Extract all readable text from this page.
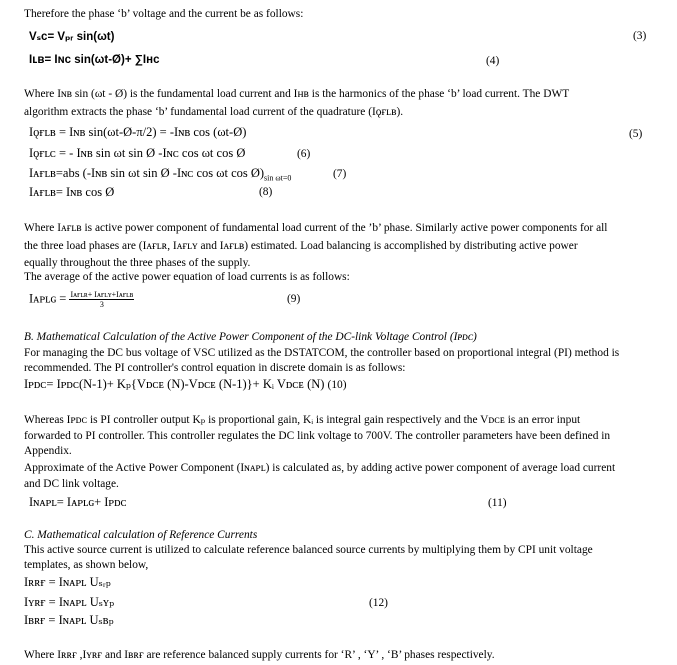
Therefore the phase ‘b’ voltage and the current be as follows:
Vₛᴄ= Vₚᵣ sin(ωt)	(3)
Iʟʙ= Iɴᴄ sin(ωt-Ø)+ ∑Iʜᴄ	(4)
Where Iɴʙ sin (ωt - Ø) is the fundamental load current and Iʜʙ is the harmonics of the phase ‘b’ load current. The DWT
algorithm extracts the phase ‘b’ fundamental load current of the quadrature (Iǫғʟʙ).
Iǫғʟʙ = Iɴʙ sin(ωt-Ø-π/2) = -Iɴʙ cos (ωt-Ø)	(5)
Iǫғʟᴄ = - Iɴʙ sin ωt sin Ø -Iɴᴄ cos ωt cos Ø	(6)
Iᴀғʟʙ=abs (-Iɴʙ sin ωt sin Ø -Iɴᴄ cos ωt $\cos Ø)_{sin \omega t=0}$	(7)
Iᴀғʟʙ= Iɴʙ cos Ø	(8)
Where Iᴀғʟʙ is active power component of fundamental load current of the ’b’ phase. Similarly active power components for all
the three load phases are (Iᴀғʟʀ, Iᴀғʟʏ and Iᴀғʟʙ) estimated. Load balancing is accomplished by distributing active power
equally throughout the three phases of the supply.
The average of the active power equation of load currents is as follows:
Iᴀᴘʟɢ = $\frac{\text{Iᴀғʟʀ+ Iᴀғʟʏ+Iᴀғʟʙ}}{3}$	(9)
B. Mathematical Calculation of the Active Power Component of the DC-link Voltage Control (Iᴘᴅᴄ)
For managing the DC bus voltage of VSC utilized as the DSTATCOM, the controller based on proportional integral (PI) method is
recommended. The PI controller's control equation in discrete domain is as follows:
Iᴘᴅᴄ= Iᴘᴅᴄ(N-1)+ Kₚ{Vᴅᴄᴇ (N)-Vᴅᴄᴇ (N-1)}+ Kᵢ Vᴅᴄᴇ (N) (10)
Whereas Iᴘᴅᴄ is PI controller output Kₚ is proportional gain, Kᵢ is integral gain respectively and the Vᴅᴄᴇ is an error input
forwarded to PI controller. This controller regulates the DC link voltage to 700V. The controller parameters have been defined in
Appendix.
Approximate of the Active Power Component (Iɴᴀᴘʟ) is calculated as, by adding active power component of average load current
and DC link voltage.
Iɴᴀᴘʟ= Iᴀᴘʟɢ+ Iᴘᴅᴄ	(11)
C. Mathematical calculation of Reference Currents
This active source current is utilized to calculate reference balanced source currents by multiplying them by CPI unit voltage
templates, as shown below,
Iʀʀғ = Iɴᴀᴘʟ Uₛᵣₚ
Iʏʀғ = Iɴᴀᴘʟ Uₛʏₚ	(12)
Iʙʀғ = Iɴᴀᴘʟ Uₛʙₚ
Where Iʀʀғ ,Iʏʀғ and Iʙʀғ are reference balanced supply currents for ‘R’ , ‘Y’ , ‘B’ phases respectively.
